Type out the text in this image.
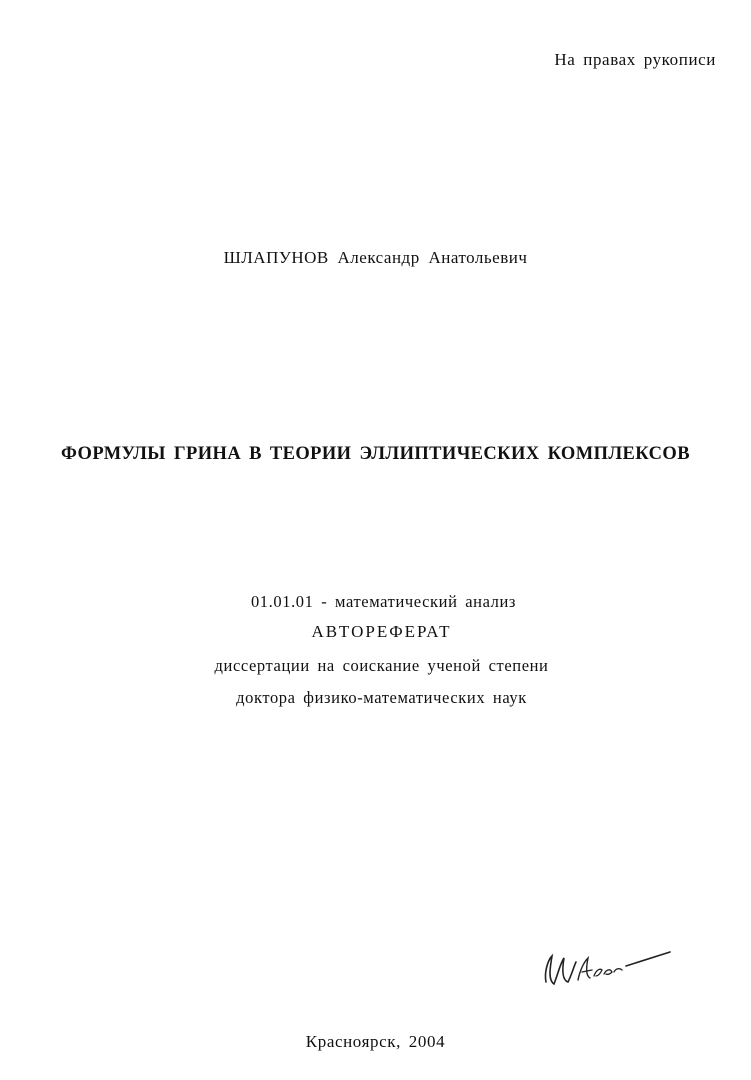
На правах рукописи
ШЛАПУНОВ Александр Анатольевич
ФОРМУЛЫ ГРИНА В ТЕОРИИ ЭЛЛИПТИЧЕСКИХ КОМПЛЕКСОВ
01.01.01 - математический анализ
АВТОРЕФЕРАТ
диссертации на соискание ученой степени
доктора физико-математических наук
Красноярск, 2004
